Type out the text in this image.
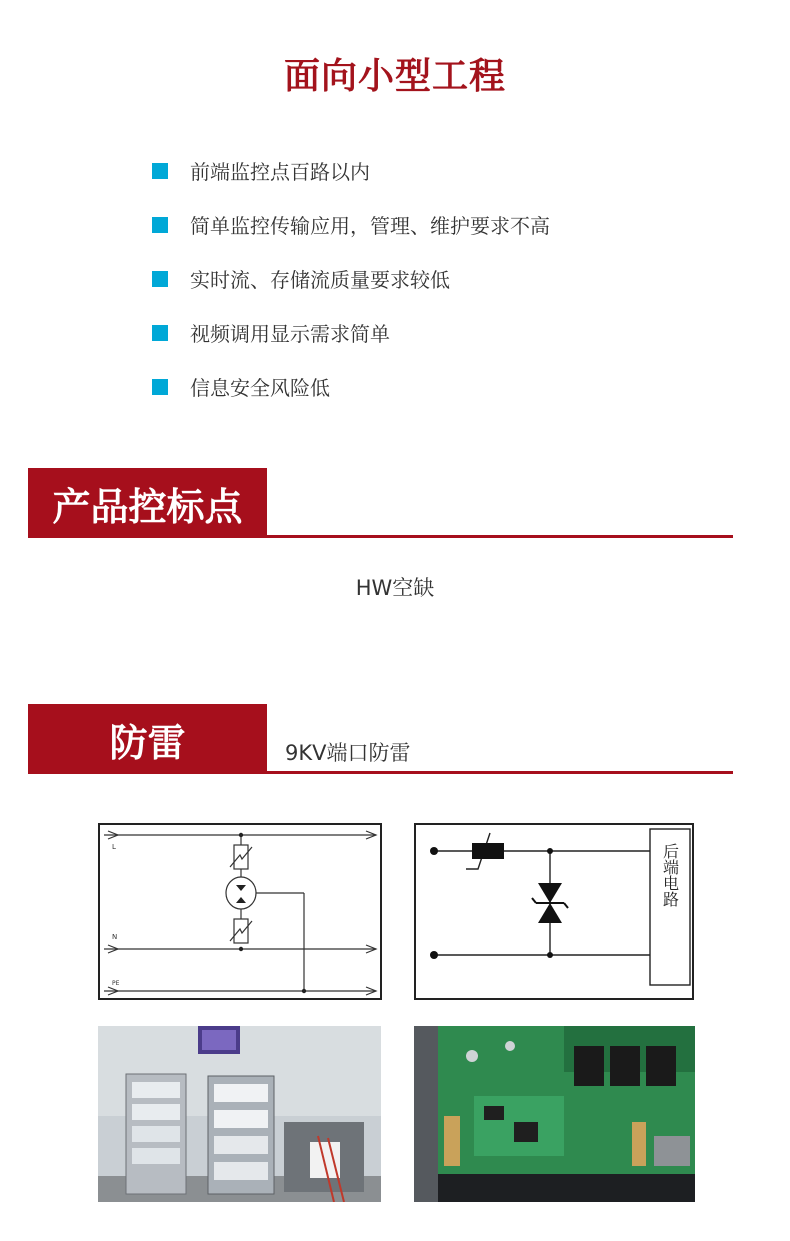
面向小型工程
前端监控点百路以内
简单监控传输应用，管理、维护要求不高
实时流、存储流质量要求较低
视频调用显示需求简单
信息安全风险低
产品控标点
HW空缺
防雷	9KV端口防雷
L
N
PE
后端电路
